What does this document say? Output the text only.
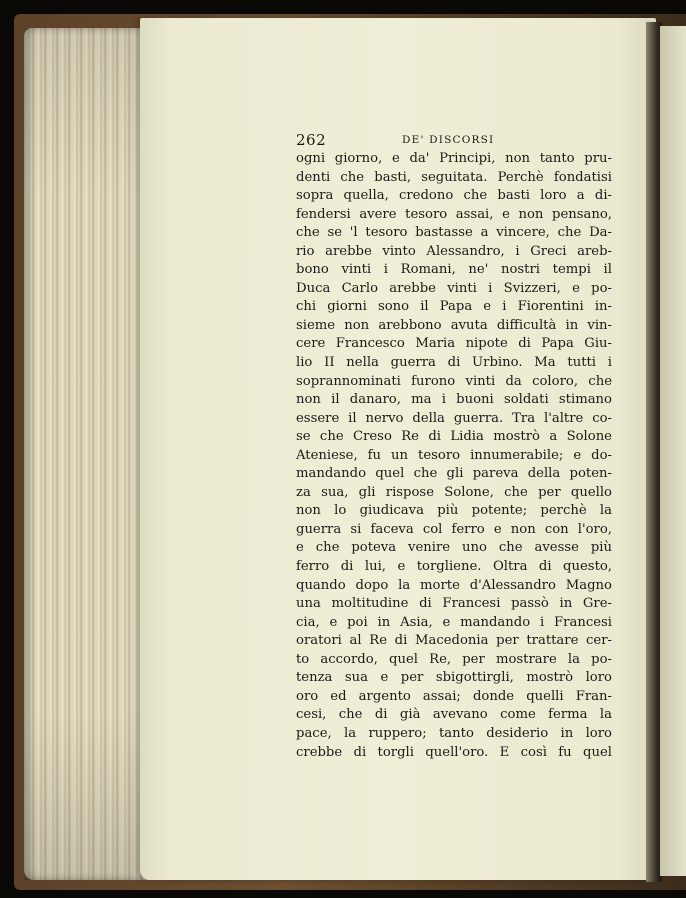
262	DE' DISCORSI
ogni giorno, e da' Principi, non tanto pru-
denti che basti, seguitata. Perchè fondatisi
sopra quella, credono che basti loro a di-
fendersi avere tesoro assai, e non pensano,
che se 'l tesoro bastasse a vincere, che Da-
rio arebbe vinto Alessandro, i Greci areb-
bono vinti i Romani, ne' nostri tempi il
Duca Carlo arebbe vinti i Svizzeri, e po-
chi giorni sono il Papa e i Fiorentini in-
sieme non arebbono avuta difficultà in vin-
cere Francesco Maria nipote di Papa Giu-
lio II nella guerra di Urbino. Ma tutti i
soprannominati furono vinti da coloro, che
non il danaro, ma i buoni soldati stimano
essere il nervo della guerra. Tra l'altre co-
se che Creso Re di Lidia mostrò a Solone
Ateniese, fu un tesoro innumerabile; e do-
mandando quel che gli pareva della poten-
za sua, gli rispose Solone, che per quello
non lo giudicava più potente; perchè la
guerra si faceva col ferro e non con l'oro,
e che poteva venire uno che avesse più
ferro di lui, e torgliene. Oltra di questo,
quando dopo la morte d'Alessandro Magno
una moltitudine di Francesi passò in Gre-
cia, e poi in Asia, e mandando i Francesi
oratori al Re di Macedonia per trattare cer-
to accordo, quel Re, per mostrare la po-
tenza sua e per sbigottirgli, mostrò loro
oro ed argento assai; donde quelli Fran-
cesi, che di già avevano come ferma la
pace, la ruppero; tanto desiderio in loro
crebbe di torgli quell'oro. E così fu quel
